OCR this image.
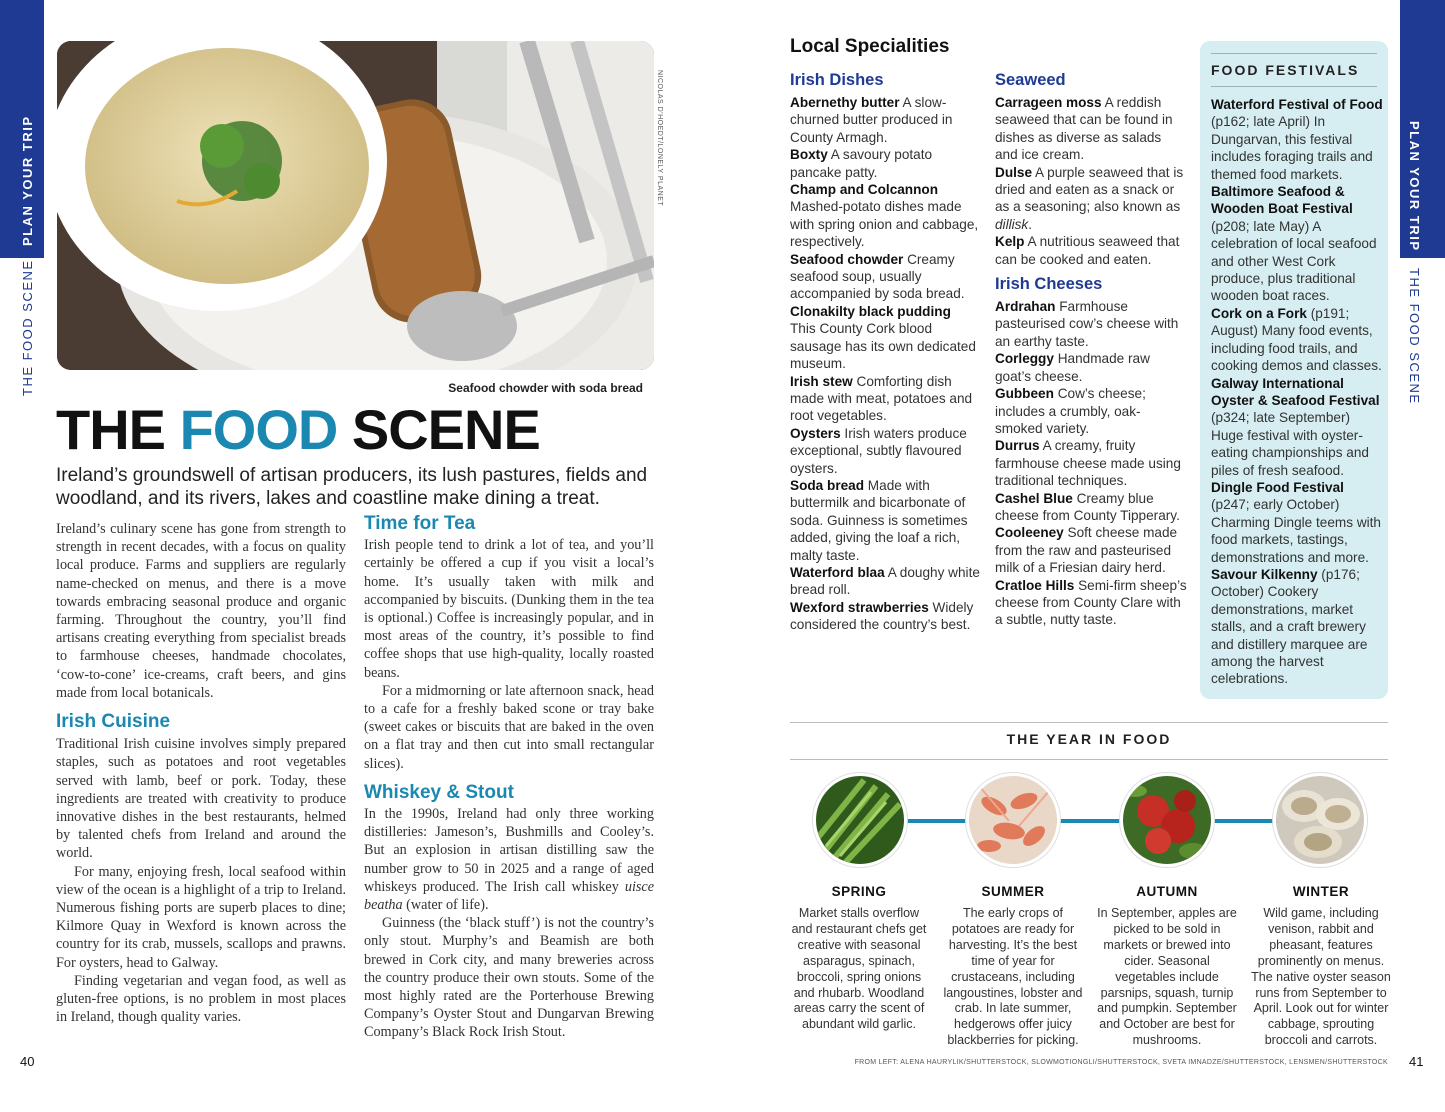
PLAN YOUR TRIP
THE FOOD SCENE
PLAN YOUR TRIP
THE FOOD SCENE
NICOLAS D'HOEDT/LONELY PLANET
Seafood chowder with soda bread
THE FOOD SCENE
Ireland’s groundswell of artisan producers, its lush pastures, fields and woodland, and its rivers, lakes and coastline make dining a treat.

Ireland’s culinary scene has gone from strength to strength in recent decades, with a focus on quality local produce. Farms and suppliers are regularly name-checked on menus, and there is a move towards embracing seasonal produce and organic farming. Throughout the country, you’ll find artisans creating everything from specialist breads to farmhouse cheeses, handmade chocolates, ‘cow-to-cone’ ice-creams, craft beers, and gins made from local botanicals.

Irish Cuisine

Traditional Irish cuisine involves simply prepared staples, such as potatoes and root vegetables served with lamb, beef or pork. Today, these ingredients are treated with creativity to produce innovative dishes in the best restaurants, helmed by talented chefs from Ireland and around the world.

For many, enjoying fresh, local seafood within view of the ocean is a highlight of a trip to Ireland. Numerous fishing ports are superb places to dine; Kilmore Quay in Wexford is known across the country for its crab, mussels, scallops and prawns. For oysters, head to Galway.

Finding vegetarian and vegan food, as well as gluten-free options, is no problem in most places in Ireland, though quality varies.

Time for Tea

Irish people tend to drink a lot of tea, and you’ll certainly be offered a cup if you visit a local’s home. It’s usually taken with milk and accompanied by biscuits. (Dunking them in the tea is optional.) Coffee is increasingly popular, and in most areas of the country, it’s possible to find coffee shops that use high-quality, locally roasted beans.

For a midmorning or late afternoon snack, head to a cafe for a freshly baked scone or tray bake (sweet cakes or biscuits that are baked in the oven on a flat tray and then cut into small rectangular slices).

Whiskey & Stout

In the 1990s, Ireland had only three working distilleries: Jameson’s, Bushmills and Cooley’s. But an explosion in artisan distilling saw the number grow to 50 in 2025 and a range of aged whiskeys produced. The Irish call whiskey uisce beatha (water of life).

Guinness (the ‘black stuff’) is not the country’s only stout. Murphy’s and Beamish are both brewed in Cork city, and many breweries across the country produce their own stouts. Some of the most highly rated are the Porterhouse Brewing Company’s Oyster Stout and Dungarvan Brewing Company’s Black Rock Irish Stout.

Local Specialities
Irish Dishes
Abernethy butter A slow-churned butter produced in County Armagh.
Boxty A savoury potato pancake patty.
Champ and Colcannon Mashed-potato dishes made with spring onion and cabbage, respectively.
Seafood chowder Creamy seafood soup, usually accompanied by soda bread.
Clonakilty black pudding This County Cork blood sausage has its own dedicated museum.
Irish stew Comforting dish made with meat, potatoes and root vegetables.
Oysters Irish waters produce exceptional, subtly flavoured oysters.
Soda bread Made with buttermilk and bicarbonate of soda. Guinness is sometimes added, giving the loaf a rich, malty taste.
Waterford blaa A doughy white bread roll.
Wexford strawberries Widely considered the country’s best.
Seaweed
Carrageen moss A reddish seaweed that can be found in dishes as diverse as salads and ice cream.
Dulse A purple seaweed that is dried and eaten as a snack or as a seasoning; also known as dillisk.
Kelp A nutritious seaweed that can be cooked and eaten.
Irish Cheeses
Ardrahan Farmhouse pasteurised cow’s cheese with an earthy taste.
Corleggy Handmade raw goat’s cheese.
Gubbeen Cow’s cheese; includes a crumbly, oak-smoked variety.
Durrus A creamy, fruity farmhouse cheese made using traditional techniques.
Cashel Blue Creamy blue cheese from County Tipperary.
Cooleeney Soft cheese made from the raw and pasteurised milk of a Friesian dairy herd.
Cratloe Hills Semi-firm sheep’s cheese from County Clare with a subtle, nutty taste.
FOOD FESTIVALS
Waterford Festival of Food (p162; late April) In Dungarvan, this festival includes foraging trails and themed food markets.
Baltimore Seafood & Wooden Boat Festival (p208; late May) A celebration of local seafood and other West Cork produce, plus traditional wooden boat races.
Cork on a Fork (p191; August) Many food events, including food trails, and cooking demos and classes.
Galway International Oyster & Seafood Festival (p324; late September) Huge festival with oyster-eating championships and piles of fresh seafood.
Dingle Food Festival (p247; early October) Charming Dingle teems with food markets, tastings, demonstrations and more.
Savour Kilkenny (p176; October) Cookery demonstrations, market stalls, and a craft brewery and distillery marquee are among the harvest celebrations.
THE YEAR IN FOOD
SPRING
Market stalls overflow and restaurant chefs get creative with seasonal asparagus, spinach, broccoli, spring onions and rhubarb. Woodland areas carry the scent of abundant wild garlic.
SUMMER
The early crops of potatoes are ready for harvesting. It’s the best time of year for crustaceans, including langoustines, lobster and crab. In late summer, hedgerows offer juicy blackberries for picking.
AUTUMN
In September, apples are picked to be sold in markets or brewed into cider. Seasonal vegetables include parsnips, squash, turnip and pumpkin. September and October are best for mushrooms.
WINTER
Wild game, including venison, rabbit and pheasant, features prominently on menus. The native oyster season runs from September to April. Look out for winter cabbage, sprouting broccoli and carrots.
FROM LEFT: ALENA HAURYLIK/SHUTTERSTOCK, SLOWMOTIONGLI/SHUTTERSTOCK, SVETA IMNADZE/SHUTTERSTOCK, LENSMEN/SHUTTERSTOCK
40	41
